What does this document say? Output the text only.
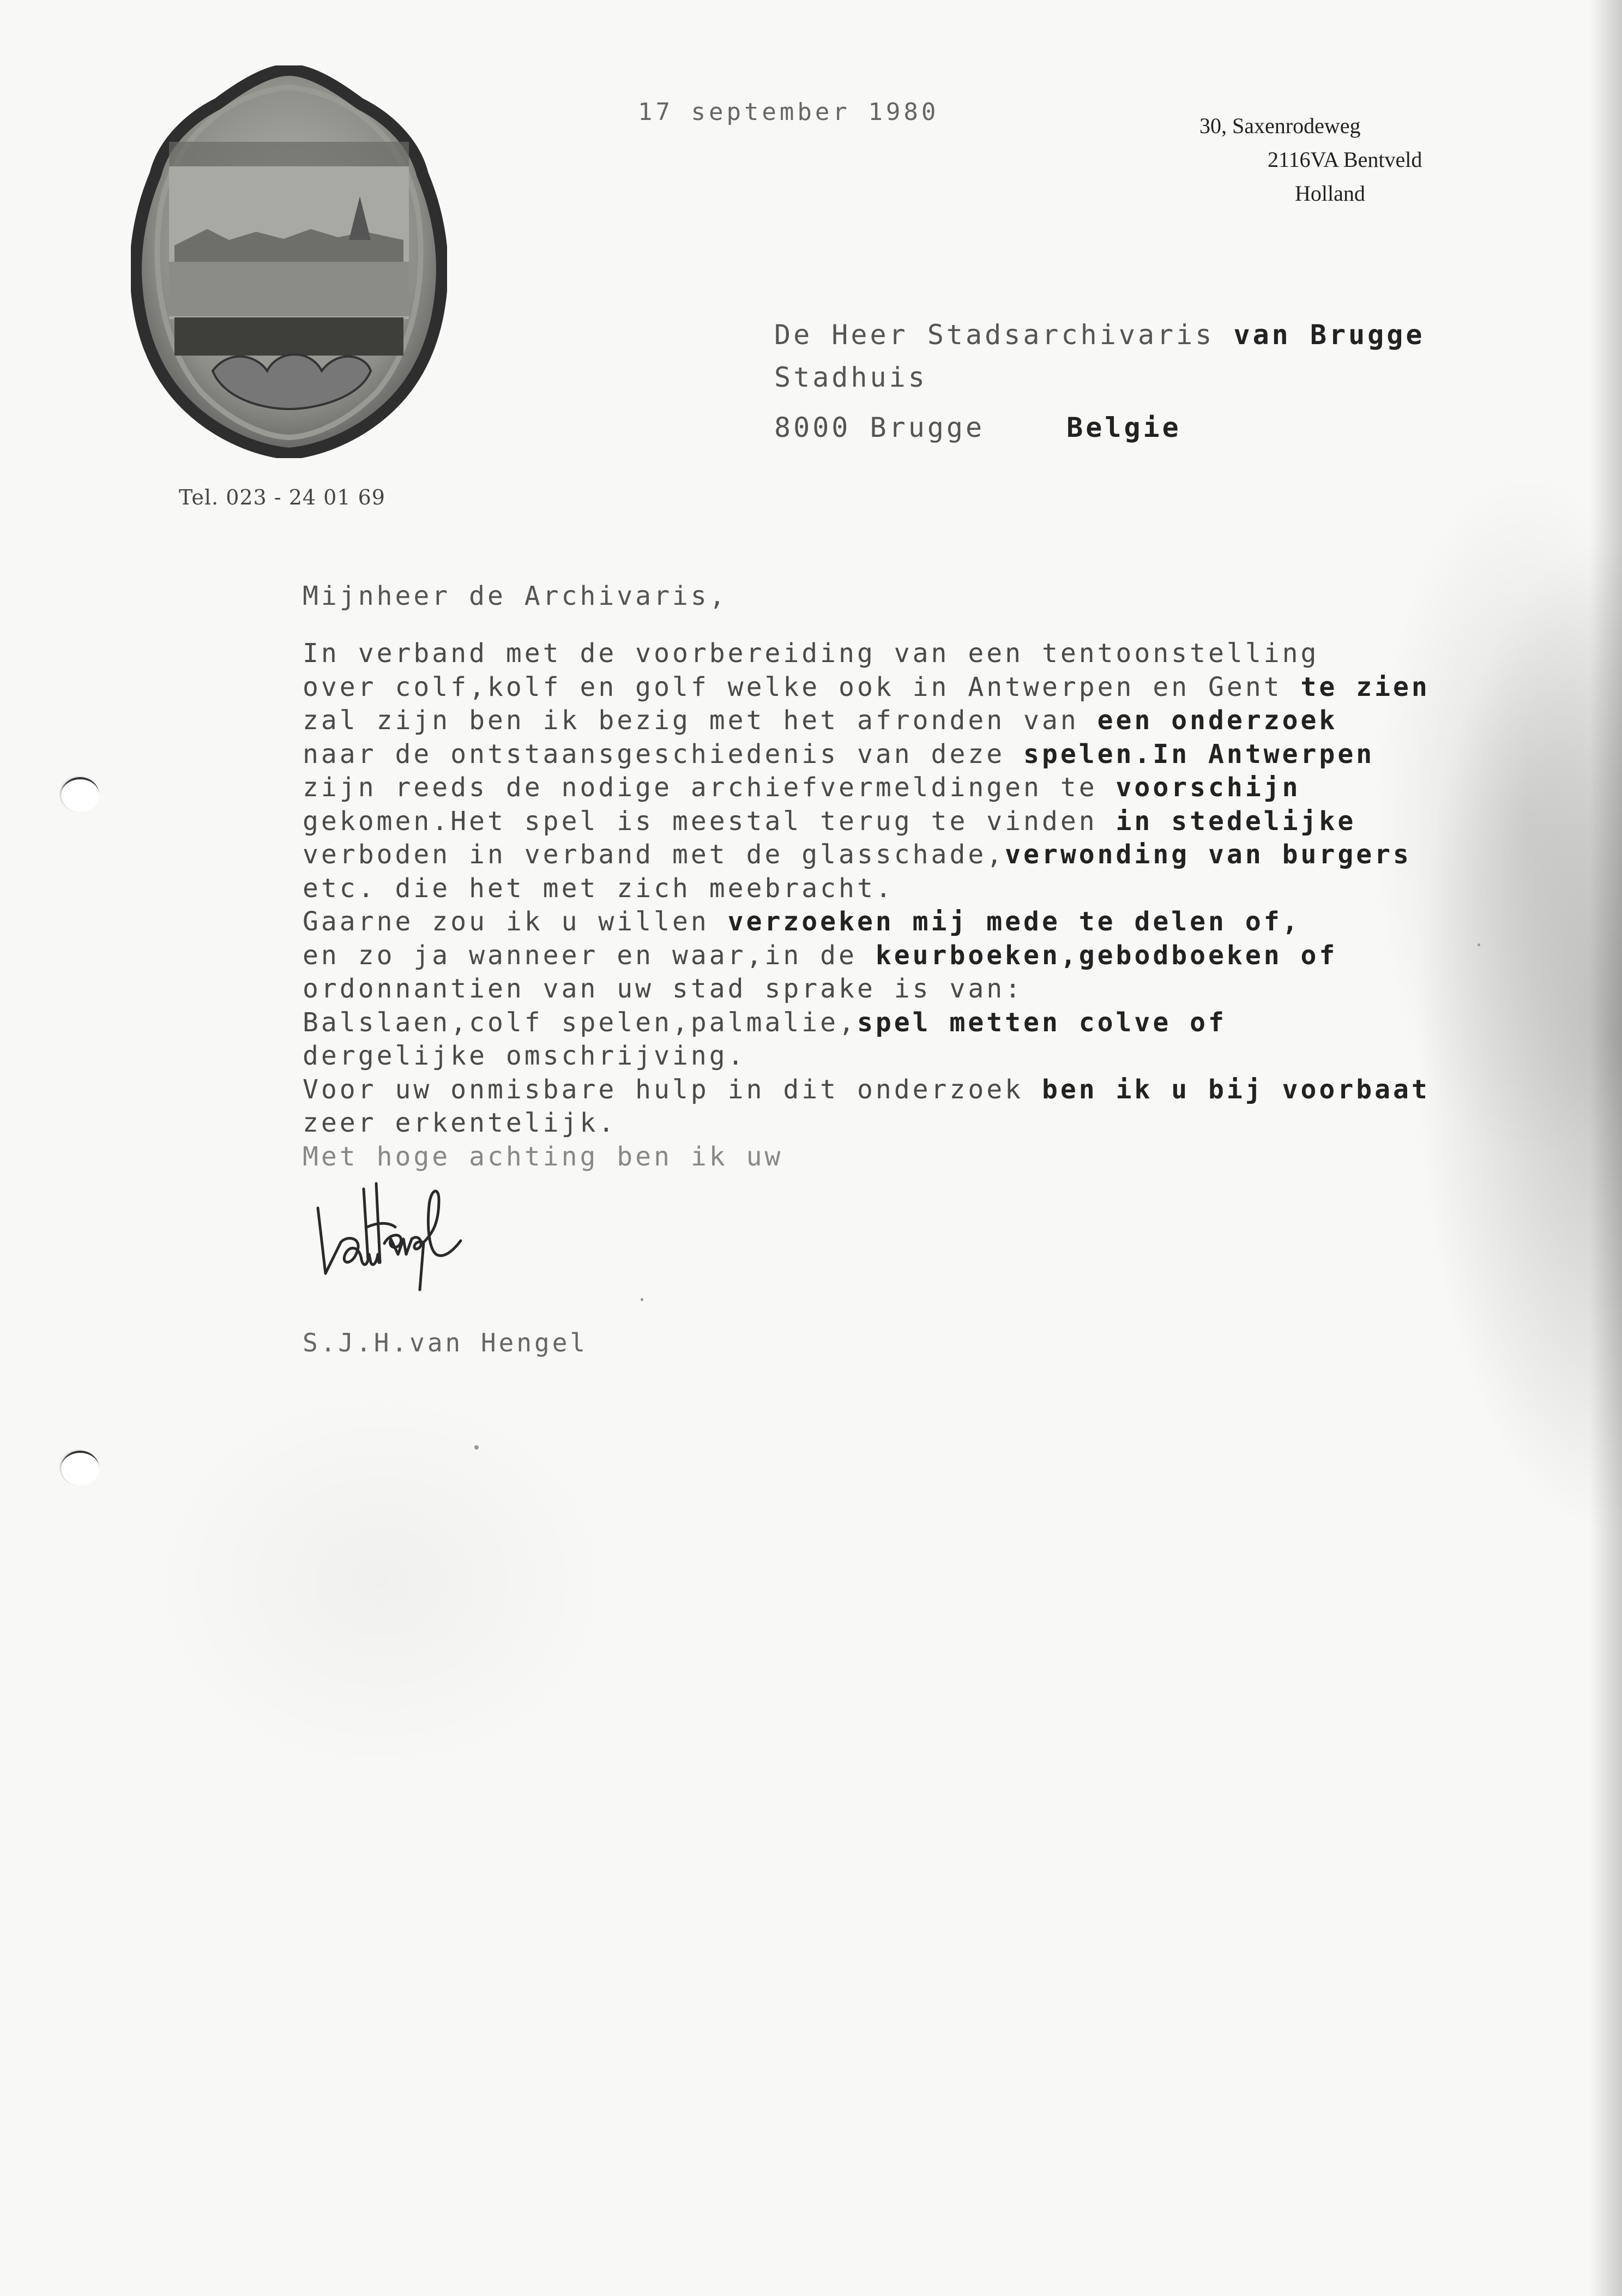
Tel. 023 - 24 01 69
17 september 1980	30, Saxenrodeweg
2116VA Bentveld
Holland
De Heer Stadsarchivaris van Brugge
Stadhuis
8000 Brugge	Belgie
Mijnheer de Archivaris,
In verband met de voorbereiding van een tentoonstelling
over colf,kolf en golf welke ook in Antwerpen en Gent te zien
zal zijn ben ik bezig met het afronden van een onderzoek
naar de ontstaansgeschiedenis van deze spelen.In Antwerpen
zijn reeds de nodige archiefvermeldingen te voorschijn
gekomen.Het spel is meestal terug te vinden in stedelijke
verboden in verband met de glasschade,verwonding van burgers
etc. die het met zich meebracht.
Gaarne zou ik u willen verzoeken mij mede te delen of,
en zo ja wanneer en waar,in de keurboeken,gebodboeken of
ordonnantien van uw stad sprake is van:
Balslaen,colf spelen,palmalie,spel metten colve of
dergelijke omschrijving.
Voor uw onmisbare hulp in dit onderzoek ben ik u bij voorbaat
zeer erkentelijk.
Met hoge achting ben ik uw
S.J.H.van Hengel
